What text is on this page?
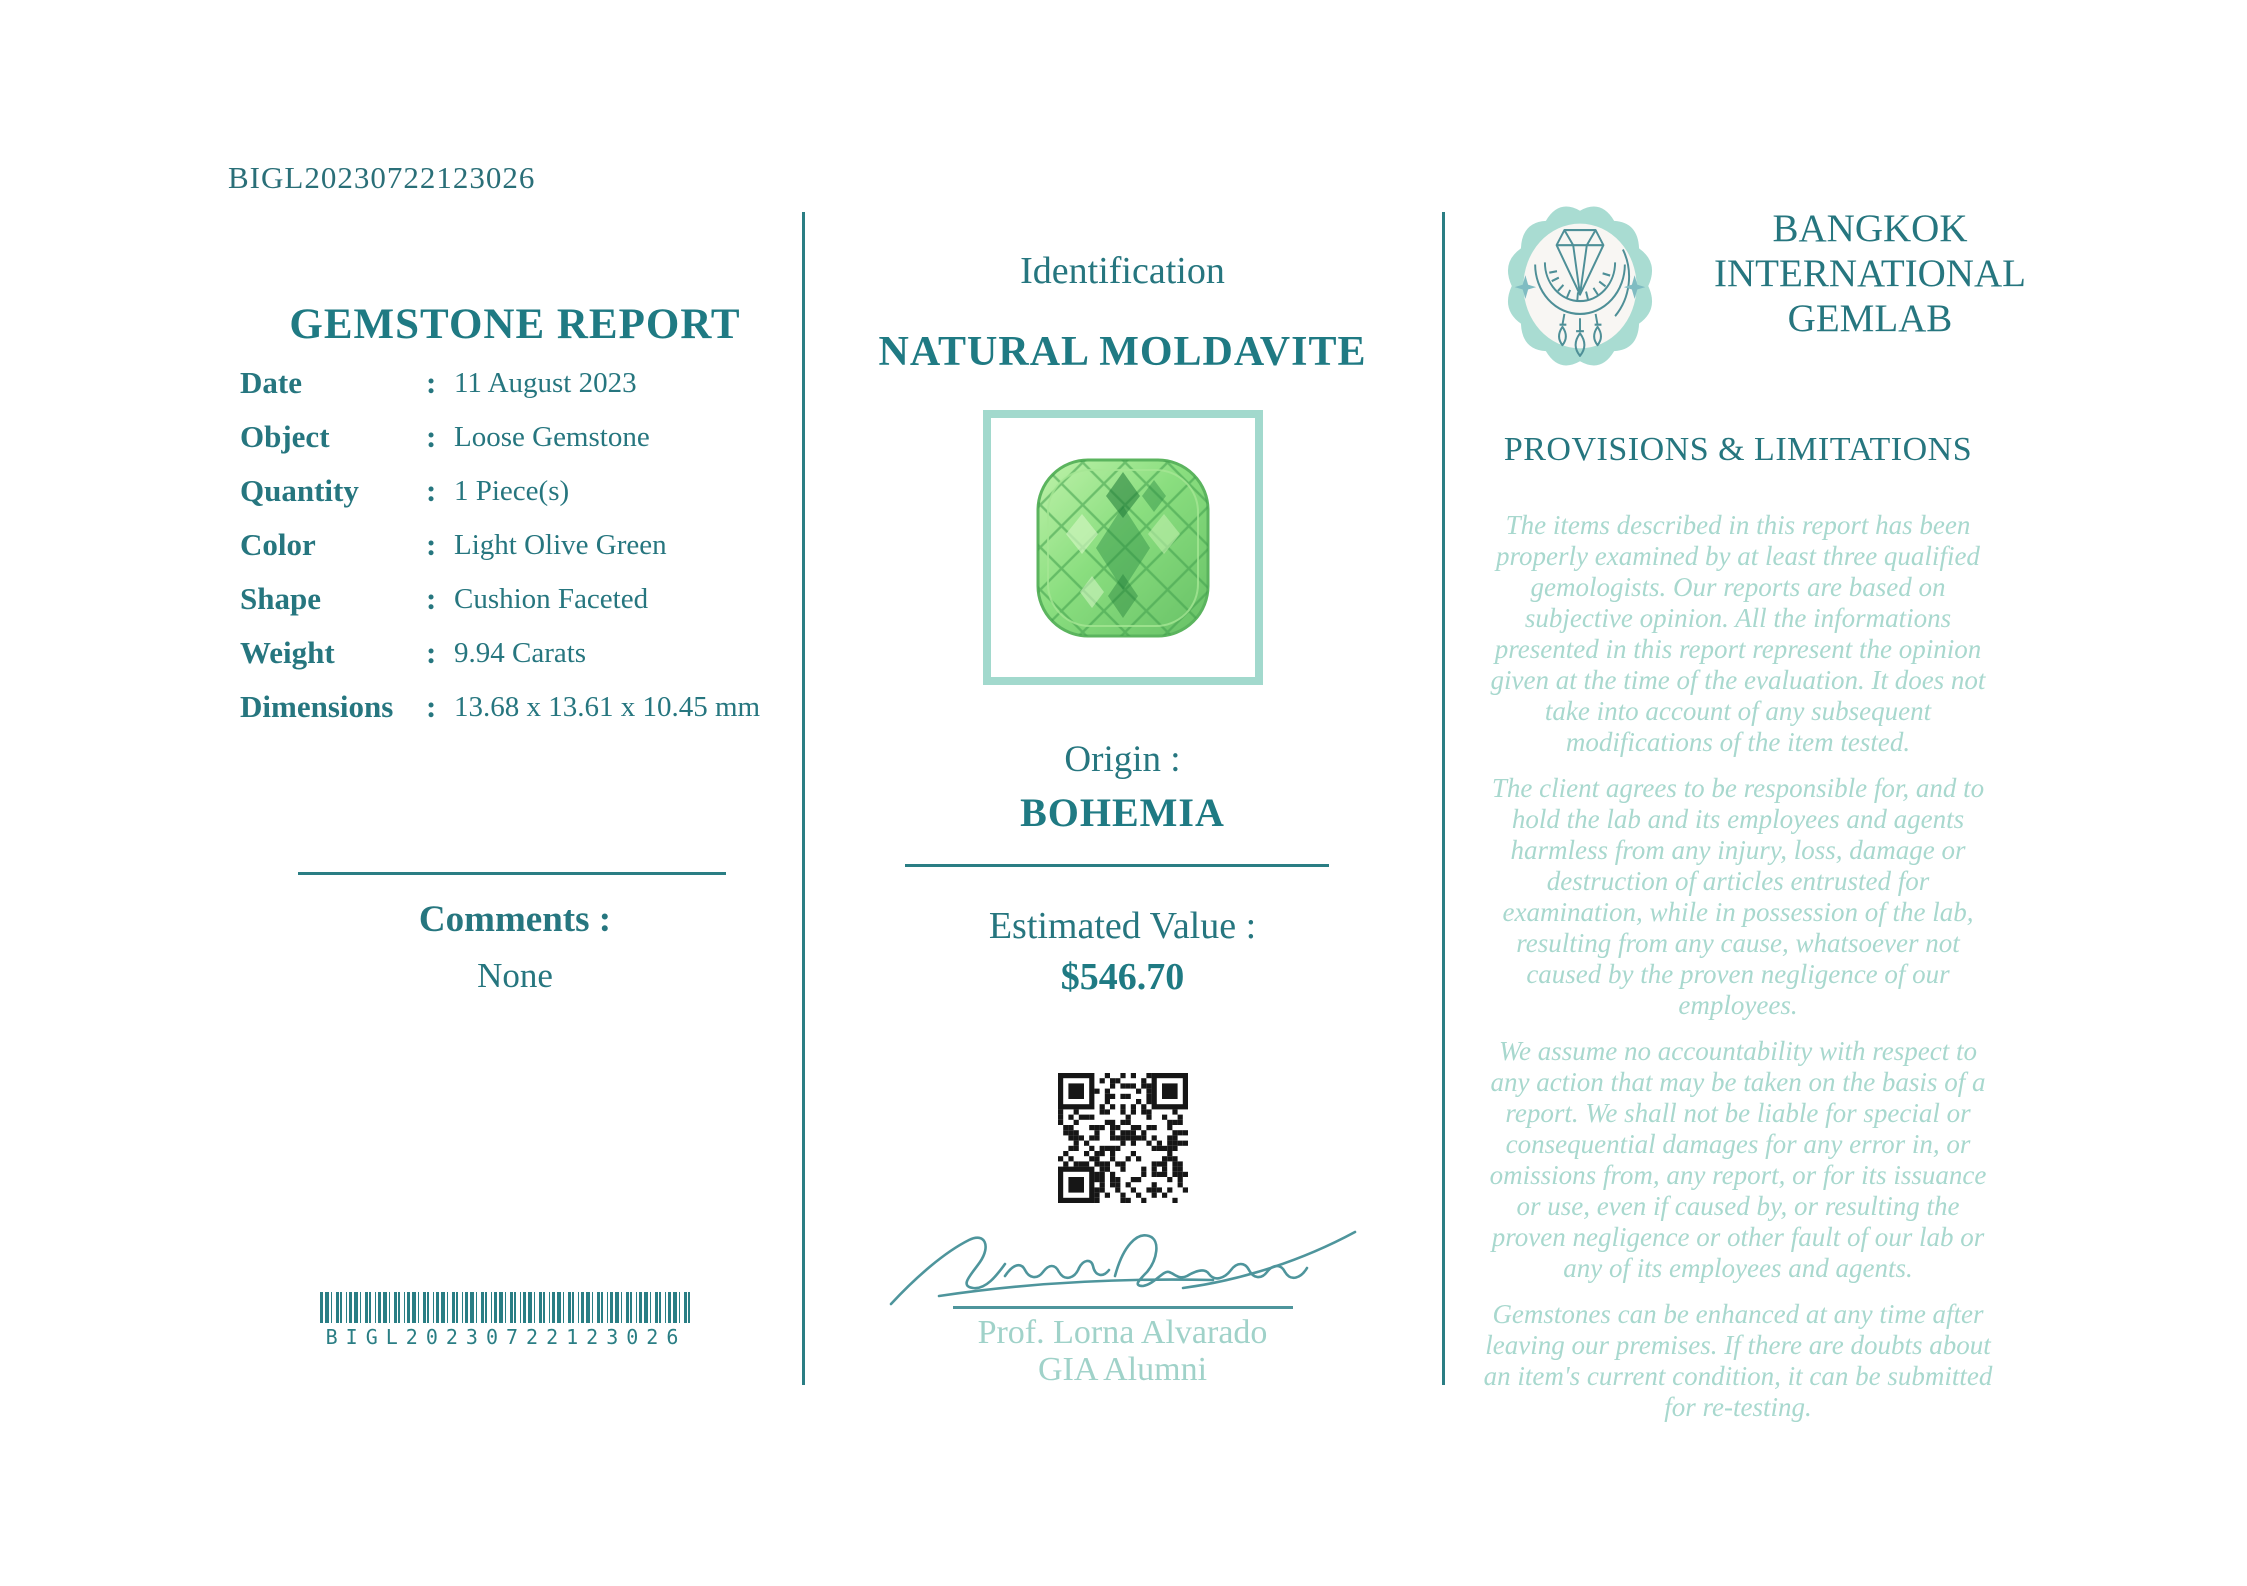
BIGL20230722123026
GEMSTONE REPORT
Date	: 11 August 2023
Object	: Loose Gemstone
Quantity	: 1 Piece(s)
Color	: Light Olive Green
Shape	: Cushion Faceted
Weight	: 9.94 Carats
Dimensions	: 13.68 x 13.61 x 10.45 mm
Comments :
None
BIGL20230722123026
Identification
NATURAL MOLDAVITE
Origin :
BOHEMIA
Estimated Value :
$546.70
Prof. Lorna Alvarado
GIA Alumni
BANGKOK
INTERNATIONAL
GEMLAB
PROVISIONS & LIMITATIONS

The items described in this report has been properly examined by at least three qualified gemologists. Our reports are based on subjective opinion. All the informations presented in this report represent the opinion given at the time of the evaluation. It does not take into account of any subsequent modifications of the item tested.

The client agrees to be responsible for, and to hold the lab and its employees and agents harmless from any injury, loss, damage or destruction of articles entrusted for examination, while in possession of the lab, resulting from any cause, whatsoever not caused by the proven negligence of our employees.

We assume no accountability with respect to any action that may be taken on the basis of a report. We shall not be liable for special or consequential damages for any error in, or omissions from, any report, or for its issuance or use, even if caused by, or resulting the proven negligence or other fault of our lab or any of its employees and agents.

Gemstones can be enhanced at any time after leaving our premises. If there are doubts about an item's current condition, it can be submitted for re-testing.
